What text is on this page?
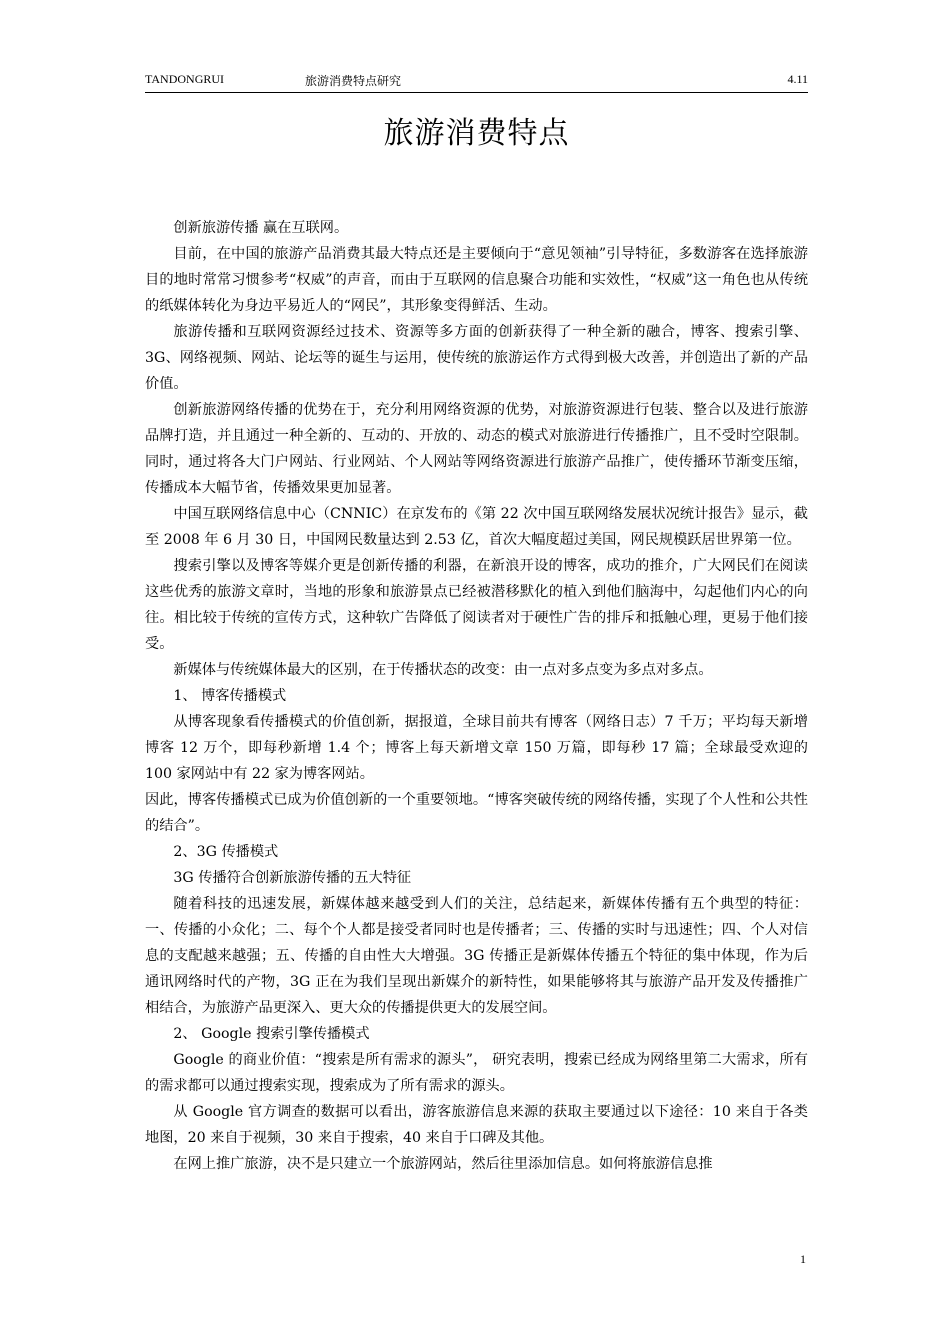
TANDONGRUI	旅游消费特点研究	4.11
旅游消费特点

创新旅游传播 赢在互联网。

目前，在中国的旅游产品消费其最大特点还是主要倾向于“意见领袖”引导特征，多数游客在选择旅游目的地时常常习惯参考“权威”的声音，而由于互联网的信息聚合功能和实效性，“权威”这一角色也从传统的纸媒体转化为身边平易近人的“网民”，其形象变得鲜活、生动。

旅游传播和互联网资源经过技术、资源等多方面的创新获得了一种全新的融合，博客、搜索引擎、3G、网络视频、网站、论坛等的诞生与运用，使传统的旅游运作方式得到极大改善，并创造出了新的产品价值。

创新旅游网络传播的优势在于，充分利用网络资源的优势，对旅游资源进行包装、整合以及进行旅游品牌打造，并且通过一种全新的、互动的、开放的、动态的模式对旅游进行传播推广，且不受时空限制。同时，通过将各大门户网站、行业网站、个人网站等网络资源进行旅游产品推广，使传播环节渐变压缩，传播成本大幅节省，传播效果更加显著。

中国互联网络信息中心（CNNIC）在京发布的《第 22 次中国互联网络发展状况统计报告》显示，截至 2008 年 6 月 30 日，中国网民数量达到 2.53 亿，首次大幅度超过美国，网民规模跃居世界第一位。

搜索引擎以及博客等媒介更是创新传播的利器，在新浪开设的博客，成功的推介，广大网民们在阅读这些优秀的旅游文章时，当地的形象和旅游景点已经被潜移默化的植入到他们脑海中，勾起他们内心的向往。相比较于传统的宣传方式，这种软广告降低了阅读者对于硬性广告的排斥和抵触心理，更易于他们接受。

新媒体与传统媒体最大的区别，在于传播状态的改变：由一点对多点变为多点对多点。

1、 博客传播模式

从博客现象看传播模式的价值创新，据报道，全球目前共有博客（网络日志）7 千万；平均每天新增博客 12 万个，即每秒新增 1.4 个；博客上每天新增文章 150 万篇，即每秒 17 篇；全球最受欢迎的 100 家网站中有 22 家为博客网站。

因此，博客传播模式已成为价值创新的一个重要领地。“博客突破传统的网络传播，实现了个人性和公共性的结合”。

2、3G 传播模式

3G 传播符合创新旅游传播的五大特征

随着科技的迅速发展，新媒体越来越受到人们的关注，总结起来，新媒体传播有五个典型的特征：一、传播的小众化；二、每个个人都是接受者同时也是传播者；三、传播的实时与迅速性；四、个人对信息的支配越来越强；五、传播的自由性大大增强。3G 传播正是新媒体传播五个特征的集中体现，作为后通讯网络时代的产物，3G 正在为我们呈现出新媒介的新特性，如果能够将其与旅游产品开发及传播推广相结合，为旅游产品更深入、更大众的传播提供更大的发展空间。

2、 Google 搜索引擎传播模式

Google 的商业价值：“搜索是所有需求的源头”， 研究表明，搜索已经成为网络里第二大需求，所有的需求都可以通过搜索实现，搜索成为了所有需求的源头。

从 Google 官方调查的数据可以看出，游客旅游信息来源的获取主要通过以下途径：10 来自于各类地图，20 来自于视频，30 来自于搜索，40 来自于口碑及其他。

在网上推广旅游，决不是只建立一个旅游网站，然后往里添加信息。如何将旅游信息推

1
